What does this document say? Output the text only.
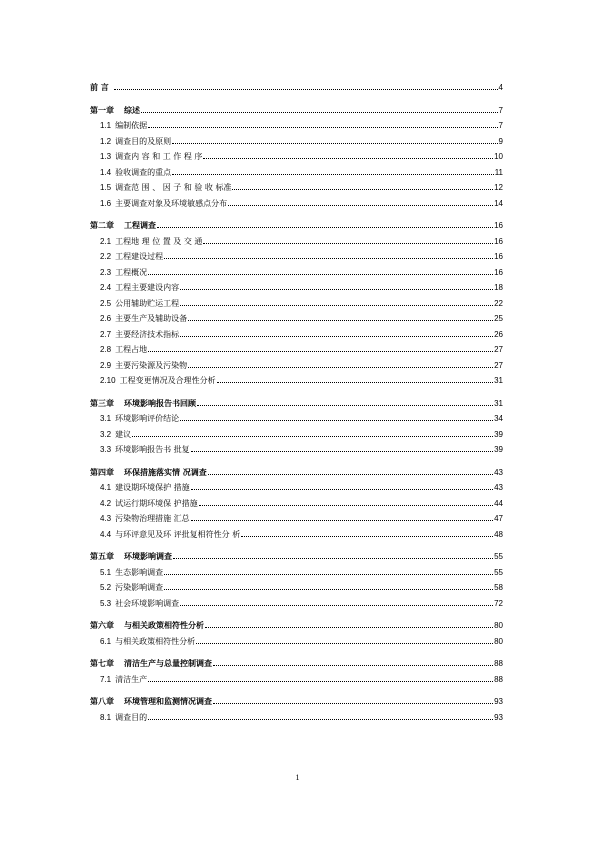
前 言	4
第一章	综述	7
1.1 编制依据	7
1.2 调查目的及原则	9
1.3 调查内 容 和 工 作 程 序	10
1.4 验收调查的重点	11
1.5 调查范 围 、 因 子 和 验 收 标准	12
1.6 主要调查对象及环境敏感点分布	14
第二章	工程调查	16
2.1 工程地 理 位 置 及 交 通	16
2.2 工程建设过程	16
2.3 工程概况	16
2.4 工程主要建设内容	18
2.5 公用辅助贮运工程	22
2.6 主要生产及辅助设备	25
2.7 主要经济技术指标	26
2.8 工程占地	27
2.9 主要污染源及污染物	27
2.10 工程变更情况及合理性分析	31
第三章	环境影响报告书回顾	31
3.1 环境影响评价结论	34
3.2 建议	39
3.3 环境影响报告书 批复	39
第四章	环保措施落实情 况调查	43
4.1 建设期环境保护 措施	43
4.2 试运行期环境保 护措施	44
4.3 污染物治理措施 汇总	47
4.4 与环评意见及环 评批复相符性分 析	48
第五章	环境影响调查	55
5.1 生态影响调查	55
5.2 污染影响调查	58
5.3 社会环境影响调查	72
第六章	与相关政策相符性分析	80
6.1 与相关政策相符性分析	80
第七章	清洁生产与总量控制调查	88
7.1 清洁生产	88
第八章	环境管理和监测情况调查	93
8.1 调查目的	93
1
